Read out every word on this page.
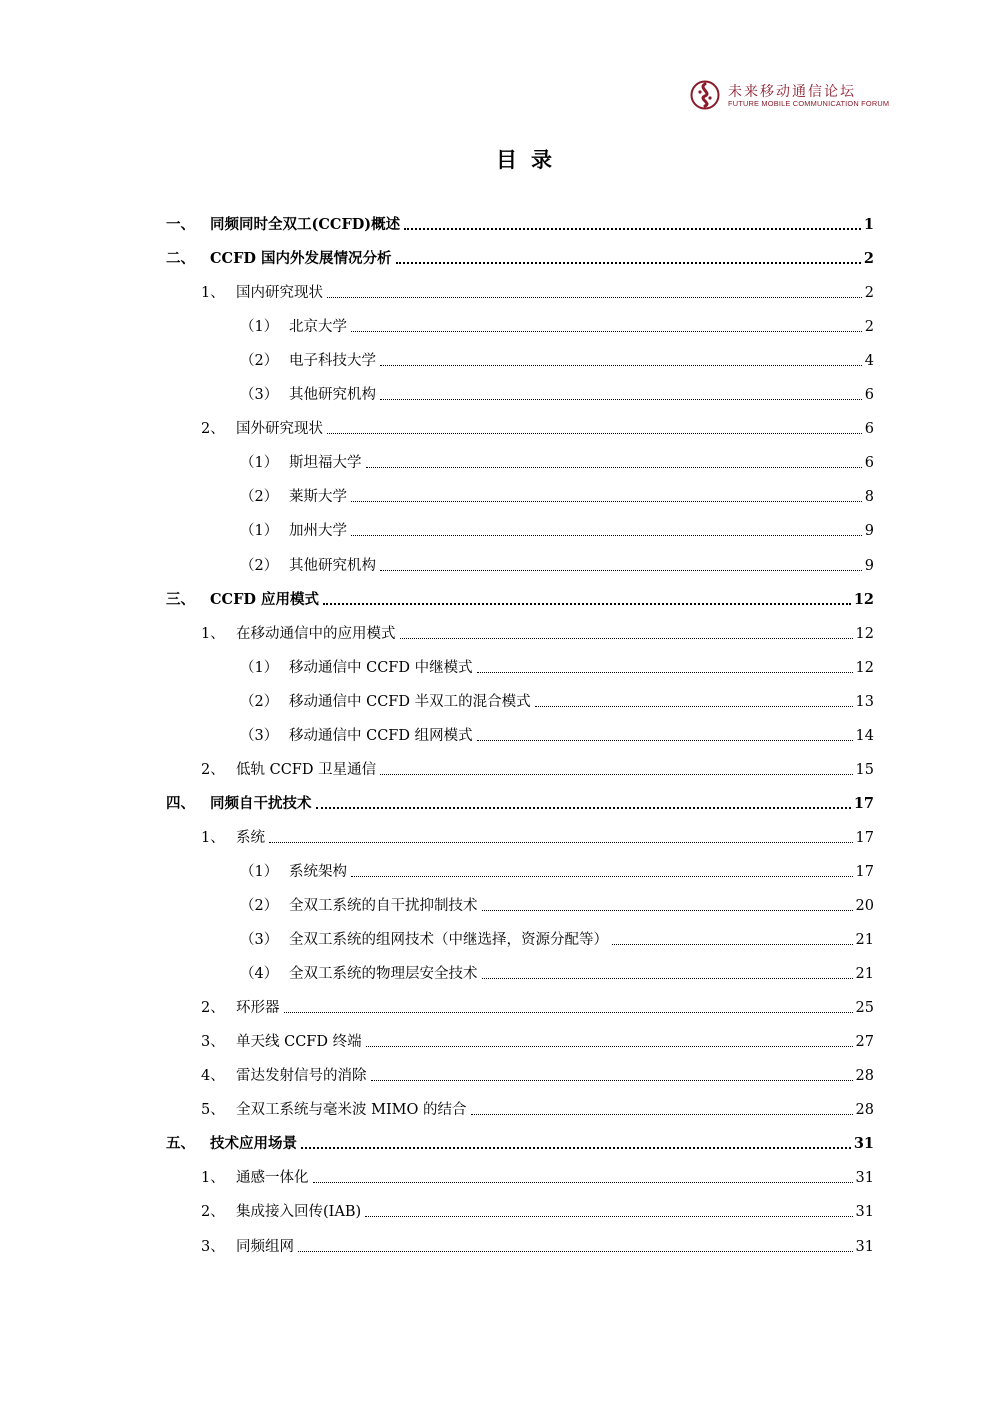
未来移动通信论坛
FUTURE MOBILE COMMUNICATION FORUM
目录
一、	同频同时全双工(CCFD)概述	1
二、	CCFD 国内外发展情况分析	2
1、 国内研究现状	2
（1） 北京大学	2
（2） 电子科技大学	4
（3） 其他研究机构	6
2、 国外研究现状	6
（1） 斯坦福大学	6
（2） 莱斯大学	8
（1） 加州大学	9
（2） 其他研究机构	9
三、	CCFD 应用模式	12
1、 在移动通信中的应用模式	12
（1） 移动通信中 CCFD 中继模式	12
（2） 移动通信中 CCFD 半双工的混合模式	13
（3） 移动通信中 CCFD 组网模式	14
2、 低轨 CCFD 卫星通信	15
四、	同频自干扰技术	17
1、 系统	17
（1） 系统架构	17
（2） 全双工系统的自干扰抑制技术	20
（3） 全双工系统的组网技术（中继选择，资源分配等）	21
（4） 全双工系统的物理层安全技术	21
2、 环形器	25
3、 单天线 CCFD 终端	27
4、 雷达发射信号的消除	28
5、 全双工系统与毫米波 MIMO 的结合	28
五、	技术应用场景	31
1、 通感一体化	31
2、 集成接入回传(IAB)	31
3、 同频组网	31
